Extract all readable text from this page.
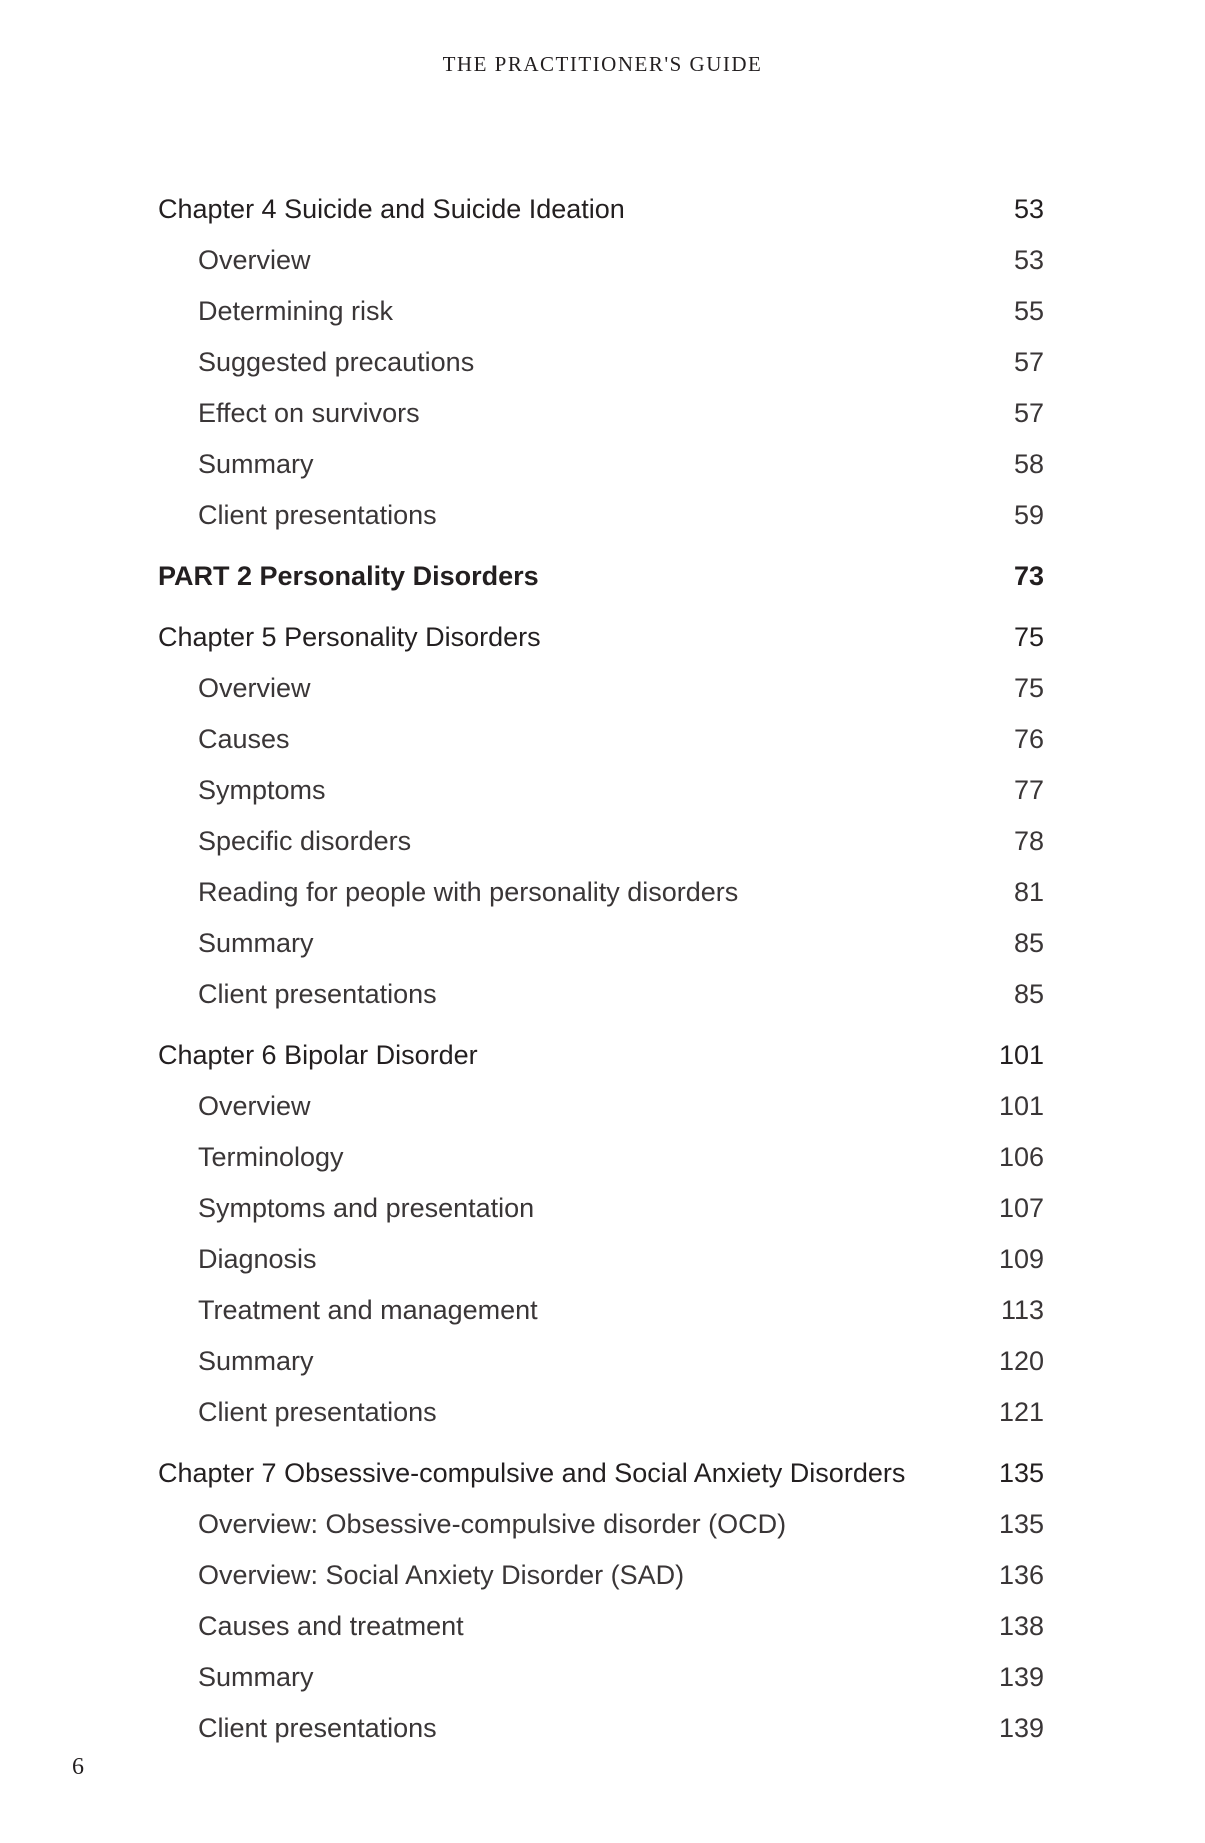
THE PRACTITIONER'S GUIDE
Chapter 4 Suicide and Suicide Ideation	53
Overview	53
Determining risk	55
Suggested precautions	57
Effect on survivors	57
Summary	58
Client presentations	59
PART 2 Personality Disorders	73
Chapter 5 Personality Disorders	75
Overview	75
Causes	76
Symptoms	77
Specific disorders	78
Reading for people with personality disorders	81
Summary	85
Client presentations	85
Chapter 6 Bipolar Disorder	101
Overview	101
Terminology	106
Symptoms and presentation	107
Diagnosis	109
Treatment and management	113
Summary	120
Client presentations	121
Chapter 7 Obsessive-compulsive and Social Anxiety Disorders	135
Overview: Obsessive-compulsive disorder (OCD)	135
Overview: Social Anxiety Disorder (SAD)	136
Causes and treatment	138
Summary	139
Client presentations	139
6
